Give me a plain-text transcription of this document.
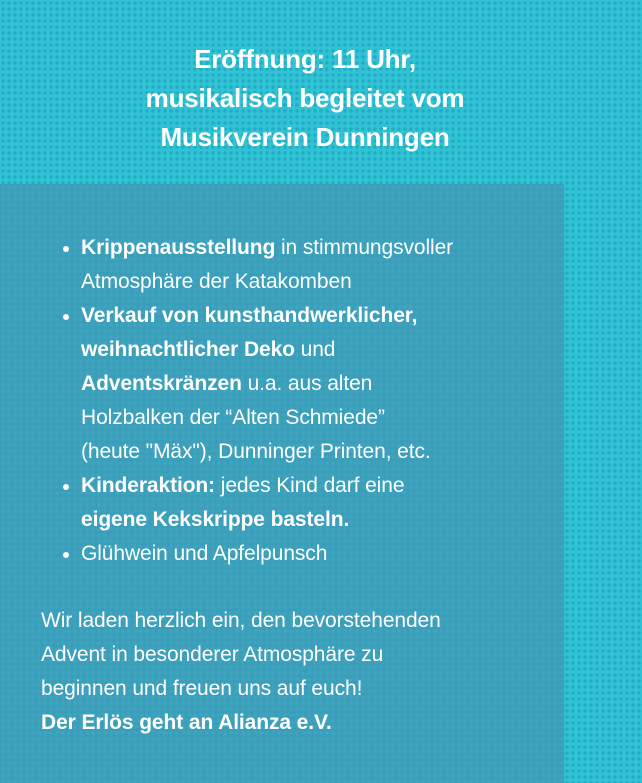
Eröffnung: 11 Uhr,
musikalisch begleitet vom
Musikverein Dunningen
Krippenausstellung in stimmungsvoller
Atmosphäre der Katakomben
Verkauf von kunsthandwerklicher,
weihnachtlicher Deko und
Adventskränzen u.a. aus alten
Holzbalken der “Alten Schmiede”
(heute "Mäx"), Dunninger Printen, etc.
Kinderaktion: jedes Kind darf eine
eigene Kekskrippe basteln.
Glühwein und Apfelpunsch
Wir laden herzlich ein, den bevorstehenden
Advent in besonderer Atmosphäre zu
beginnen und freuen uns auf euch!
Der Erlös geht an Alianza e.V.
